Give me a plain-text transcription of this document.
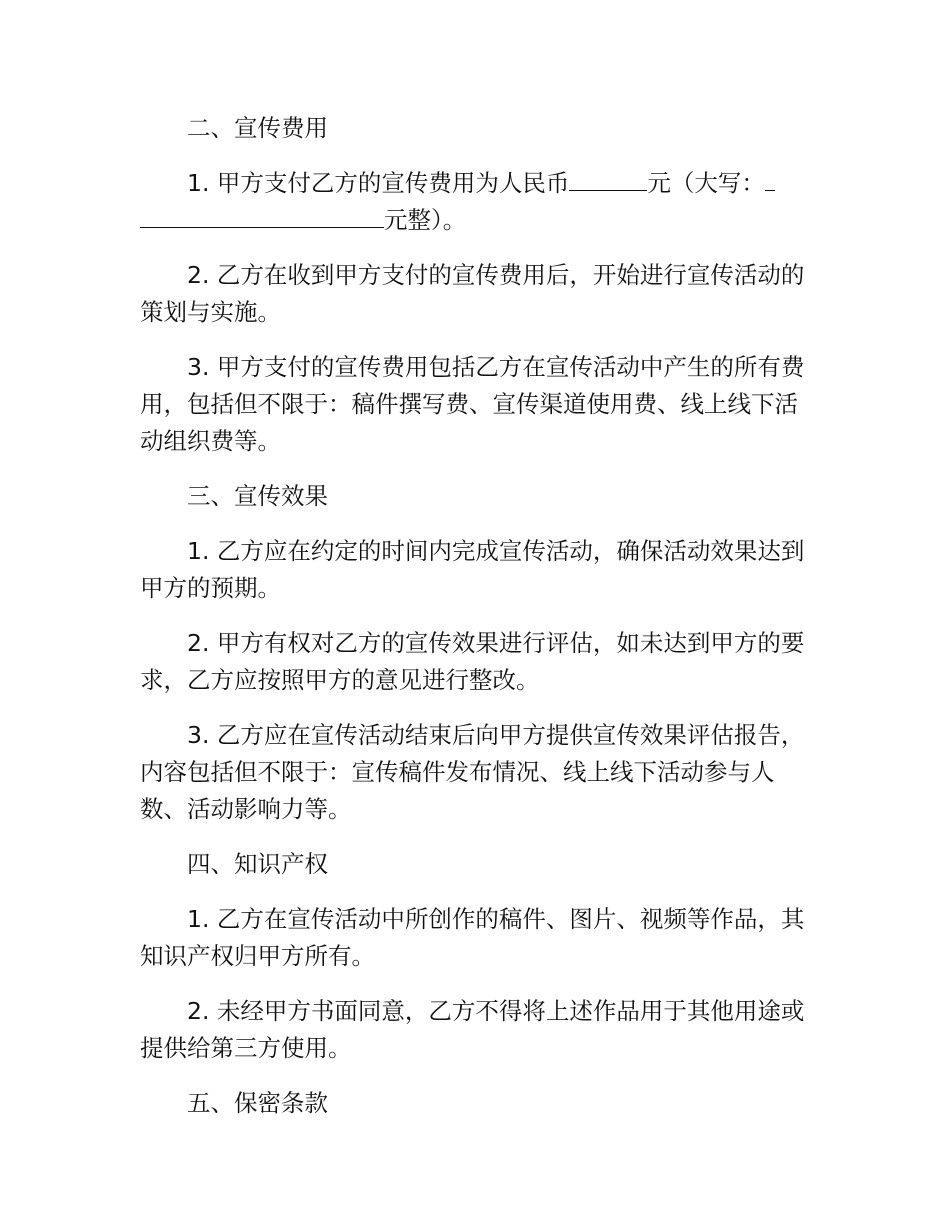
二、宣传费用

1. 甲方支付乙方的宣传费用为人民币	元（大写：元整）。

2. 乙方在收到甲方支付的宣传费用后，开始进行宣传活动的策划与实施。

3. 甲方支付的宣传费用包括乙方在宣传活动中产生的所有费用，包括但不限于：稿件撰写费、宣传渠道使用费、线上线下活动组织费等。

三、宣传效果

1. 乙方应在约定的时间内完成宣传活动，确保活动效果达到甲方的预期。

2. 甲方有权对乙方的宣传效果进行评估，如未达到甲方的要求，乙方应按照甲方的意见进行整改。

3. 乙方应在宣传活动结束后向甲方提供宣传效果评估报告，内容包括但不限于：宣传稿件发布情况、线上线下活动参与人数、活动影响力等。

四、知识产权

1. 乙方在宣传活动中所创作的稿件、图片、视频等作品，其知识产权归甲方所有。

2. 未经甲方书面同意，乙方不得将上述作品用于其他用途或提供给第三方使用。

五、保密条款
